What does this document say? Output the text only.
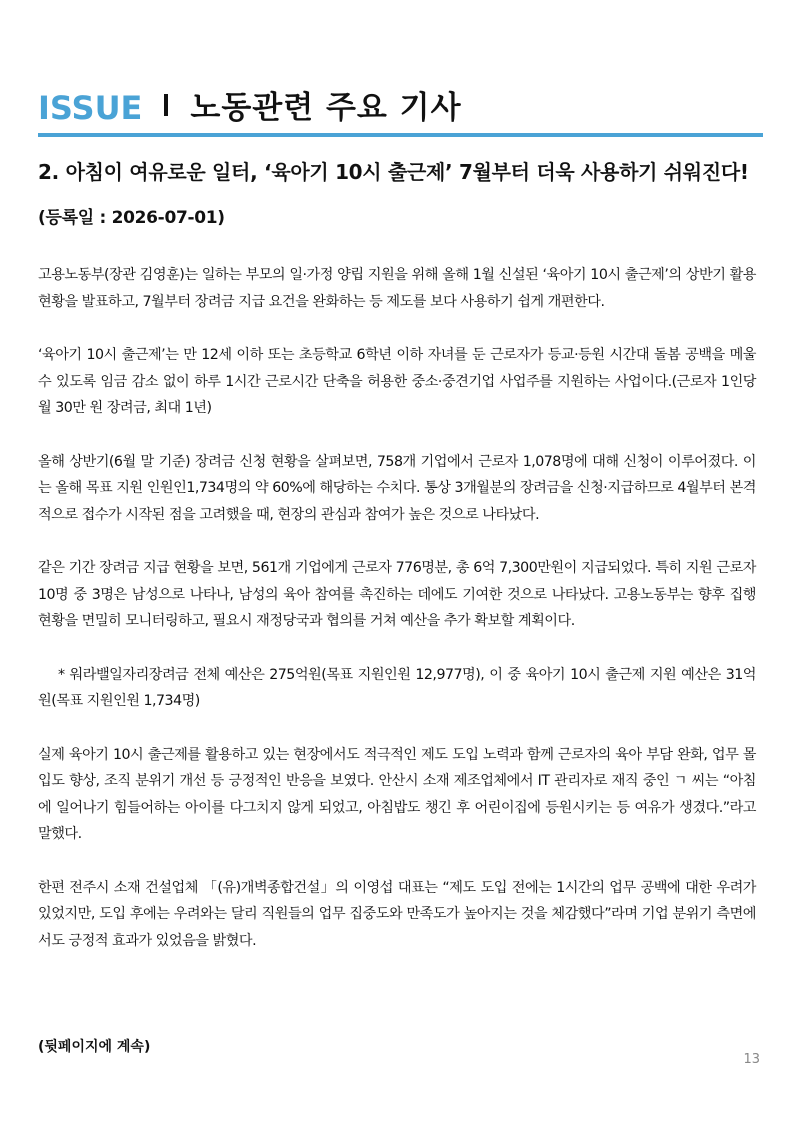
ISSUE 노동관련 주요 기사
2. 아침이 여유로운 일터, ‘육아기 10시 출근제’ 7월부터 더욱 사용하기 쉬워진다! (등록일 : 2026-07-01)

고용노동부(장관 김영훈)는 일하는 부모의 일·가정 양립 지원을 위해 올해 1월 신설된 ‘육아기 10시 출근제’의 상반기 활용 현황을 발표하고, 7월부터 장려금 지급 요건을 완화하는 등 제도를 보다 사용하기 쉽게 개편한다.

‘육아기 10시 출근제’는 만 12세 이하 또는 초등학교 6학년 이하 자녀를 둔 근로자가 등교·등원 시간대 돌봄 공백을 메울 수 있도록 임금 감소 없이 하루 1시간 근로시간 단축을 허용한 중소·중견기업 사업주를 지원하는 사업이다.(근로자 1인당 월 30만 원 장려금, 최대 1년)

올해 상반기(6월 말 기준) 장려금 신청 현황을 살펴보면, 758개 기업에서 근로자 1,078명에 대해 신청이 이루어졌다. 이는 올해 목표 지원 인원인1,734명의 약 60%에 해당하는 수치다. 통상 3개월분의 장려금을 신청·지급하므로 4월부터 본격적으로 접수가 시작된 점을 고려했을 때, 현장의 관심과 참여가 높은 것으로 나타났다.

같은 기간 장려금 지급 현황을 보면, 561개 기업에게 근로자 776명분, 총 6억 7,300만원이 지급되었다. 특히 지원 근로자 10명 중 3명은 남성으로 나타나, 남성의 육아 참여를 촉진하는 데에도 기여한 것으로 나타났다. 고용노동부는 향후 집행 현황을 면밀히 모니터링하고, 필요시 재정당국과 협의를 거쳐 예산을 추가 확보할 계획이다.

* 워라밸일자리장려금 전체 예산은 275억원(목표 지원인원 12,977명), 이 중 육아기 10시 출근제 지원 예산은 31억원(목표 지원인원 1,734명)

실제 육아기 10시 출근제를 활용하고 있는 현장에서도 적극적인 제도 도입 노력과 함께 근로자의 육아 부담 완화, 업무 몰입도 향상, 조직 분위기 개선 등 긍정적인 반응을 보였다. 안산시 소재 제조업체에서 IT 관리자로 재직 중인 ㄱ 씨는 “아침에 일어나기 힘들어하는 아이를 다그치지 않게 되었고, 아침밥도 챙긴 후 어린이집에 등원시키는 등 여유가 생겼다.”라고 말했다.

한편 전주시 소재 건설업체 「(유)개벽종합건설」의 이영섭 대표는 “제도 도입 전에는 1시간의 업무 공백에 대한 우려가 있었지만, 도입 후에는 우려와는 달리 직원들의 업무 집중도와 만족도가 높아지는 것을 체감했다”라며 기업 분위기 측면에서도 긍정적 효과가 있었음을 밝혔다.

(뒷페이지에 계속)
13
